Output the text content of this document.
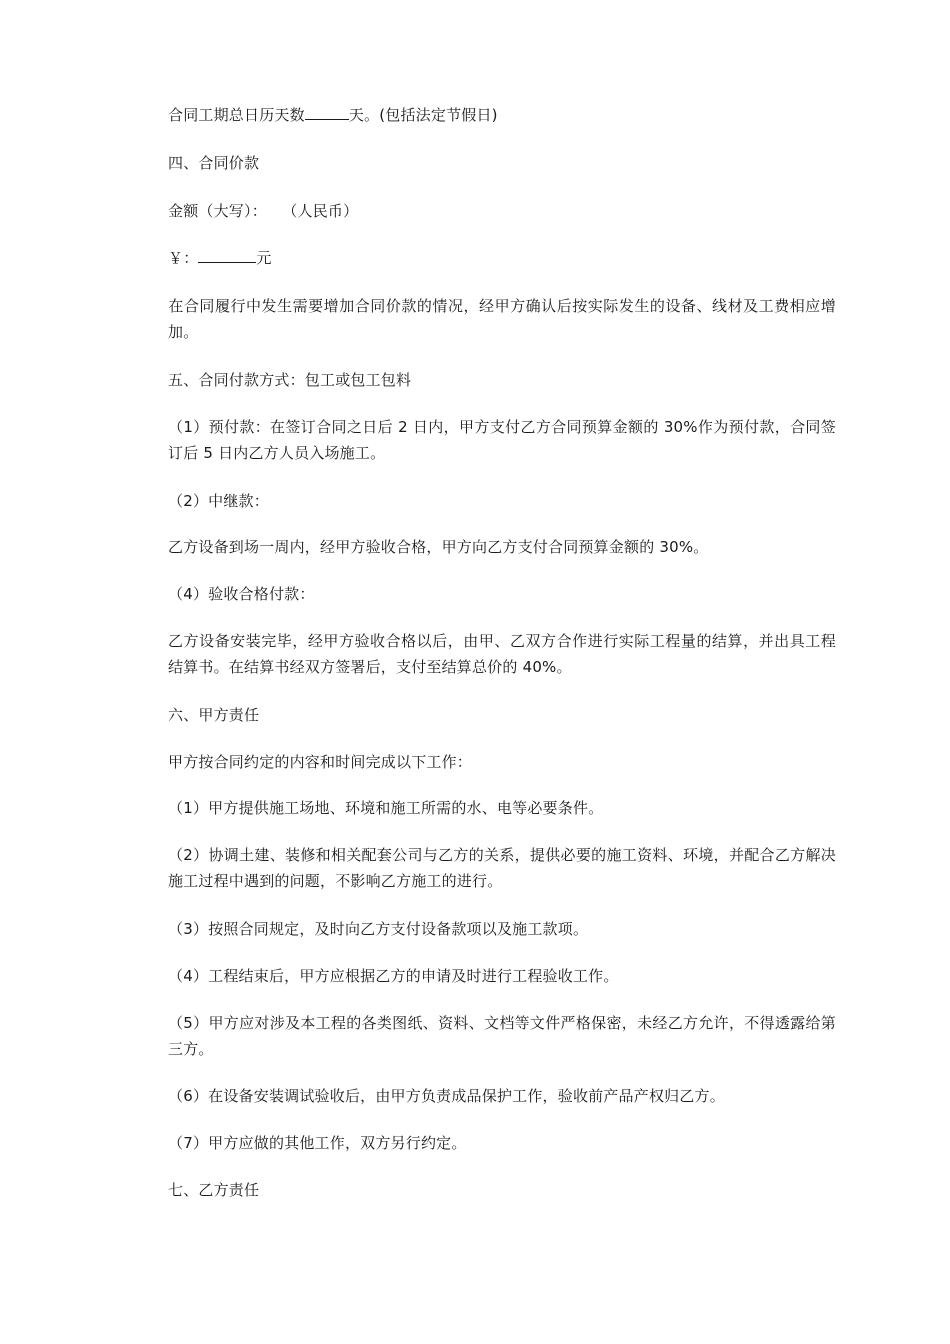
合同工期总日历天数	天。(包括法定节假日)

四、合同价款

金额（大写）：　　（人民币）

￥：	元

在合同履行中发生需要增加合同价款的情况，经甲方确认后按实际发生的设备、线材及工费相应增加。

五、合同付款方式：包工或包工包料

（1）预付款：在签订合同之日后 2 日内，甲方支付乙方合同预算金额的 30%作为预付款，合同签订后 5 日内乙方人员入场施工。

（2）中继款：

乙方设备到场一周内，经甲方验收合格，甲方向乙方支付合同预算金额的 30%。

（4）验收合格付款：

乙方设备安装完毕，经甲方验收合格以后，由甲、乙双方合作进行实际工程量的结算，并出具工程结算书。在结算书经双方签署后，支付至结算总价的 40%。

六、甲方责任

甲方按合同约定的内容和时间完成以下工作：

（1）甲方提供施工场地、环境和施工所需的水、电等必要条件。

（2）协调土建、装修和相关配套公司与乙方的关系，提供必要的施工资料、环境，并配合乙方解决施工过程中遇到的问题，不影响乙方施工的进行。

（3）按照合同规定，及时向乙方支付设备款项以及施工款项。

（4）工程结束后，甲方应根据乙方的申请及时进行工程验收工作。

（5）甲方应对涉及本工程的各类图纸、资料、文档等文件严格保密，未经乙方允许，不得透露给第三方。

（6）在设备安装调试验收后，由甲方负责成品保护工作，验收前产品产权归乙方。

（7）甲方应做的其他工作，双方另行约定。

七、乙方责任
